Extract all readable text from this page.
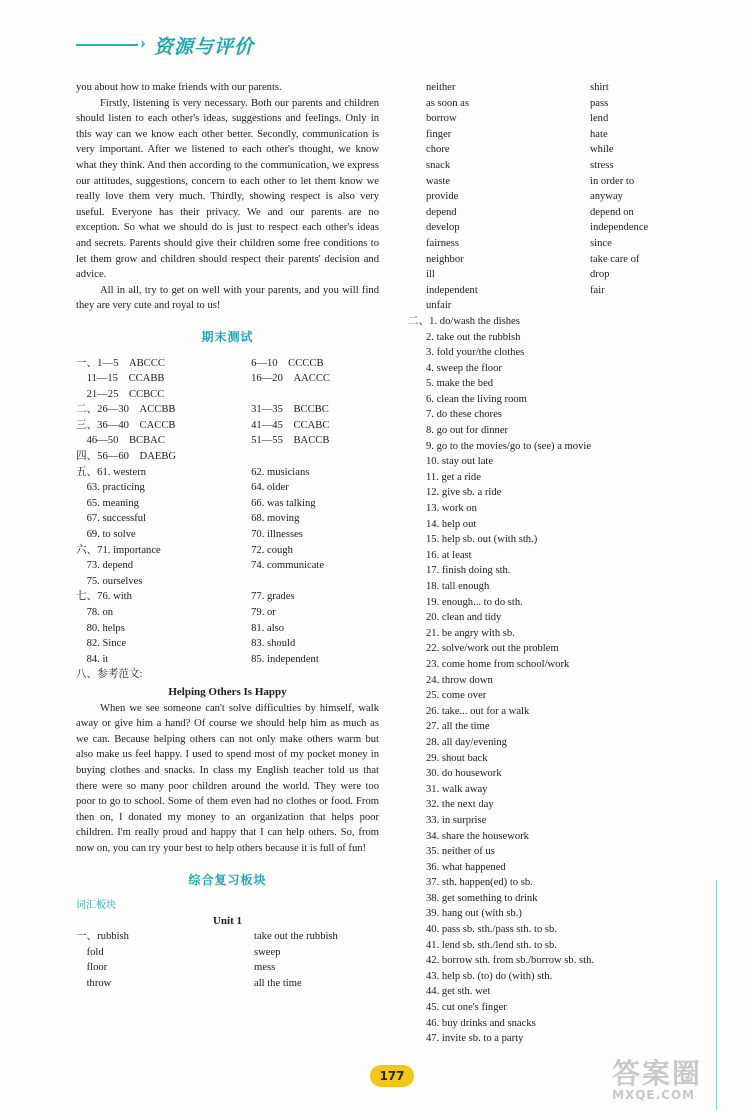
› 资源与评价

you about how to make friends with our parents.

Firstly, listening is very necessary. Both our parents and children should listen to each other's ideas, suggestions and feelings. Only in this way can we know each other better. Secondly, communication is very important. After we listened to each other's thought, we know what they think. And then according to the communication, we express our attitudes, suggestions, concern to each other to let them know we really love them very much. Thirdly, showing respect is also very useful. Everyone has their privacy. We and our parents are no exception. So what we should do is just to respect each other's ideas and secrets. Parents should give their children some free conditions to let them grow and children should respect their parents' decision and advice.

All in all, try to get on well with your parents, and you will find they are very cute and royal to us!

期末测试
一、1—5　ABCCC	6—10　CCCCB
　11—15　CCABB	16—20　AACCC
　21—25　CCBCC
二、26—30　ACCBB	31—35　BCCBC
三、36—40　CACCB	41—45　CCABC
　46—50　BCBAC	51—55　BACCB
四、56—60　DAEBG
五、61. western	62. musicians
　63. practicing	64. older
　65. meaning	66. was talking
　67. successful	68. moving
　69. to solve	70. illnesses
六、71. importance	72. cough
　73. depend	74. communicate
　75. ourselves
七、76. with	77. grades
　78. on	79. or
　80. helps	81. also
　82. Since	83. should
　84. it	85. independent
八、参考范文:
Helping Others Is Happy

When we see someone can't solve difficulties by himself, walk away or give him a hand? Of course we should help him as much as we can. Because helping others can not only make others warm but also make us feel happy. I used to spend most of my pocket money in buying clothes and snacks. In class my English teacher told us that there were so many poor children around the world. They were too poor to go to school. Some of them even had no clothes or food. From then on, I donated my money to an organization that helps poor children. I'm really proud and happy that I can help others. So, from now on, you can try your best to help others because it is full of fun!

综合复习板块
词汇板块
Unit 1
一、rubbish	take out the rubbish
　fold	sweep
　floor	mess
　throw	all the time
neither	shirt
as soon as	pass
borrow	lend
finger	hate
chore	while
snack	stress
waste	in order to
provide	anyway
depend	depend on
develop	independence
fairness	since
neighbor	take care of
ill	drop
independent	fair
unfair
二、1. do/wash the dishes
2. take out the rubbish
3. fold your/the clothes
4. sweep the floor
5. make the bed
6. clean the living room
7. do these chores
8. go out for dinner
9. go to the movies/go to (see) a movie
10. stay out late
11. get a ride
12. give sb. a ride
13. work on
14. help out
15. help sb. out (with sth.)
16. at least
17. finish doing sth.
18. tall enough
19. enough... to do sth.
20. clean and tidy
21. be angry with sb.
22. solve/work out the problem
23. come home from school/work
24. throw down
25. come over
26. take... out for a walk
27. all the time
28. all day/evening
29. shout back
30. do housework
31. walk away
32. the next day
33. in surprise
34. share the housework
35. neither of us
36. what happened
37. sth. happen(ed) to sb.
38. get something to drink
39. hang out (with sb.)
40. pass sb. sth./pass sth. to sb.
41. lend sb. sth./lend sth. to sb.
42. borrow sth. from sb./borrow sb. sth.
43. help sb. (to) do (with) sth.
44. get sth. wet
45. cut one's finger
46. buy drinks and snacks
47. invite sb. to a party
177	答案圈
MXQE.COM
